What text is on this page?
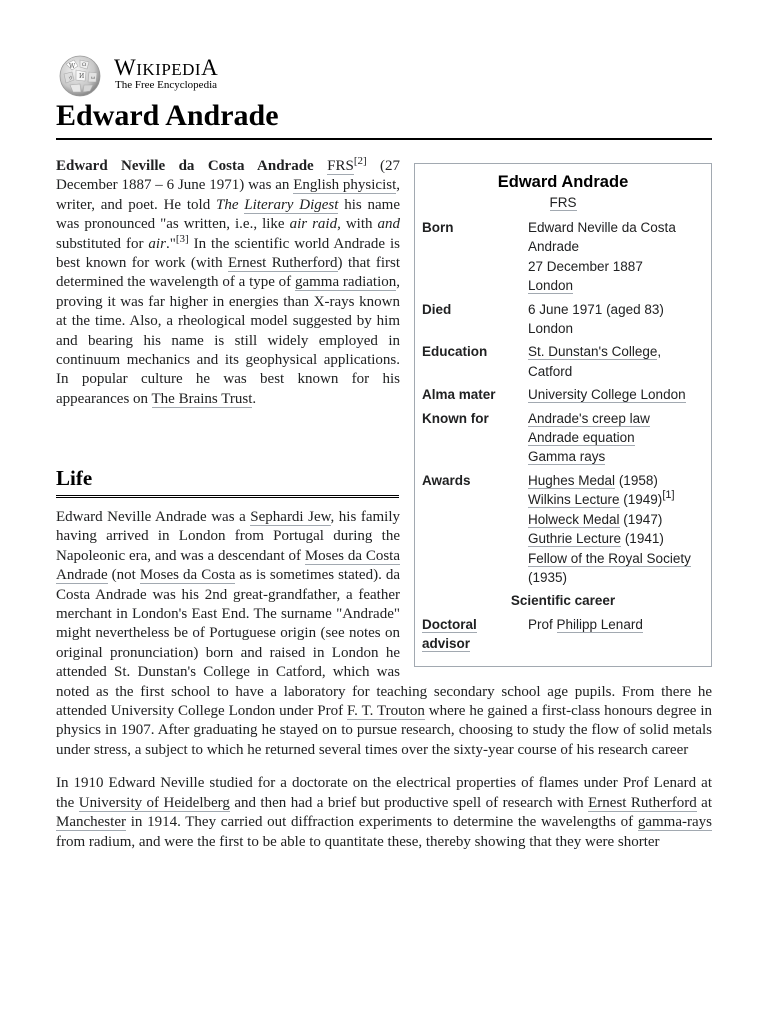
W Ω
И
ウ	ω WIKIPEDIA
The Free Encyclopedia
Edward Andrade
Edward Andrade
FRS
Born	Edward Neville da Costa Andrade
27 December 1887
London
Died	6 June 1971 (aged 83)
London
Education	St. Dunstan's College, Catford
Alma mater	University College London
Known for	Andrade's creep law
Andrade equation
Gamma rays
Awards	Hughes Medal (1958)
Wilkins Lecture (1949)[1]
Holweck Medal (1947)
Guthrie Lecture (1941)
Fellow of the Royal Society
(1935)
Scientific career
Doctoral advisor
Prof Philipp Lenard

Edward Neville da Costa Andrade FRS[2] (27 December 1887 – 6 June 1971) was an English physicist, writer, and poet. He told The Literary Digest his name was pronounced "as written, i.e., like air raid, with and substituted for air."[3] In the scientific world Andrade is best known for work (with Ernest Rutherford) that first determined the wavelength of a type of gamma radiation, proving it was far higher in energies than X-rays known at the time. Also, a rheological model suggested by him and bearing his name is still widely employed in continuum mechanics and its geophysical applications. In popular culture he was best known for his appearances on The Brains Trust.

Life

Edward Neville Andrade was a Sephardi Jew, his family having arrived in London from Portugal during the Napoleonic era, and was a descendant of Moses da Costa Andrade (not Moses da Costa as is sometimes stated). da Costa Andrade was his 2nd great-grandfather, a feather merchant in London's East End. The surname "Andrade" might nevertheless be of Portuguese origin (see notes on original pronunciation) born and raised in London he attended St. Dunstan's College in Catford, which was noted as the first school to have a laboratory for teaching secondary school age pupils. From there he attended University College London under Prof F. T. Trouton where he gained a first-class honours degree in physics in 1907. After graduating he stayed on to pursue research, choosing to study the flow of solid metals under stress, a subject to which he returned several times over the sixty-year course of his research career

In 1910 Edward Neville studied for a doctorate on the electrical properties of flames under Prof Lenard at the University of Heidelberg and then had a brief but productive spell of research with Ernest Rutherford at Manchester in 1914. They carried out diffraction experiments to determine the wavelengths of gamma-rays from radium, and were the first to be able to quantitate these, thereby showing that they were shorter
